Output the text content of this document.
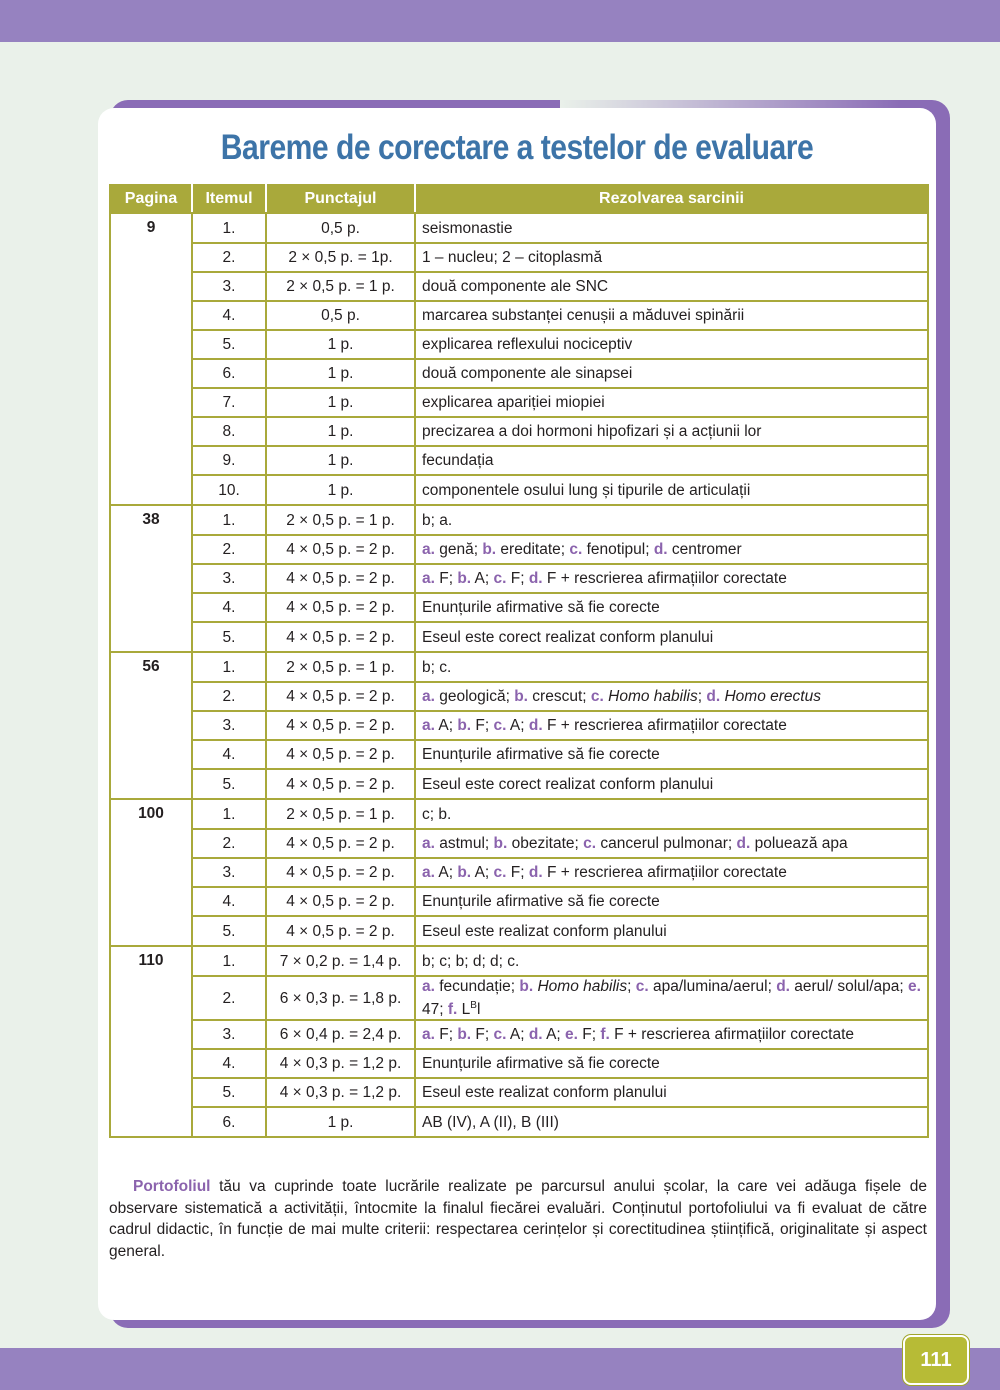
Bareme de corectare a testelor de evaluare
Pagina	Itemul	Punctajul	Rezolvarea sarcinii
9	1.	0,5 p.	seismonastie
	2.	2 × 0,5 p. = 1p.	1 – nucleu; 2 – citoplasmă
	3.	2 × 0,5 p. = 1 p.	două componente ale SNC
	4.	0,5 p.	marcarea substanței cenușii a măduvei spinării
	5.	1 p.	explicarea reflexului nociceptiv
	6.	1 p.	două componente ale sinapsei
	7.	1 p.	explicarea apariției miopiei
	8.	1 p.	precizarea a doi hormoni hipofizari și a acțiunii lor
	9.	1 p.	fecundația
	10.	1 p.	componentele osului lung și tipurile de articulații
38	1.	2 × 0,5 p. = 1 p.	b; a.
	2.	4 × 0,5 p. = 2 p.	a. genă; b. ereditate; c. fenotipul; d. centromer
	3.	4 × 0,5 p. = 2 p.	a. F; b. A; c. F; d. F + rescrierea afirmațiilor corectate
	4.	4 × 0,5 p. = 2 p.	Enunțurile afirmative să fie corecte
	5.	4 × 0,5 p. = 2 p.	Eseul este corect realizat conform planului
56	1.	2 × 0,5 p. = 1 p.	b; c.
	2.	4 × 0,5 p. = 2 p.	a. geologică; b. crescut; c. Homo habilis; d. Homo erectus
	3.	4 × 0,5 p. = 2 p.	a. A; b. F; c. A; d. F + rescrierea afirmațiilor corectate
	4.	4 × 0,5 p. = 2 p.	Enunțurile afirmative să fie corecte
	5.	4 × 0,5 p. = 2 p.	Eseul este corect realizat conform planului
100	1.	2 × 0,5 p. = 1 p.	c; b.
	2.	4 × 0,5 p. = 2 p.	a. astmul; b. obezitate; c. cancerul pulmonar; d. poluează apa
	3.	4 × 0,5 p. = 2 p.	a. A; b. A; c. F; d. F + rescrierea afirmațiilor corectate
	4.	4 × 0,5 p. = 2 p.	Enunțurile afirmative să fie corecte
	5.	4 × 0,5 p. = 2 p.	Eseul este realizat conform planului
110	1.	7 × 0,2 p. = 1,4 p.	b; c; b; d; d; c.
	2.	6 × 0,3 p. = 1,8 p.	a. fecundație; b. Homo habilis; c. apa/lumina/aerul; d. aerul/ solul/apa; e. 47; f. $L^Bl$
	3.	6 × 0,4 p. = 2,4 p.	a. F; b. F; c. A; d. A; e. F; f. F + rescrierea afirmațiilor corectate
	4.	4 × 0,3 p. = 1,2 p.	Enunțurile afirmative să fie corecte
	5.	4 × 0,3 p. = 1,2 p.	Eseul este realizat conform planului
	6.	1 p.	AB (IV), A (II), B (III)

Portofoliul tău va cuprinde toate lucrările realizate pe parcursul anului școlar, la care vei adăuga fișele de observare sistematică a activității, întocmite la finalul fiecărei evaluări. Conținutul portofoliului va fi evaluat de către cadrul didactic, în funcție de mai multe criterii: respectarea cerințelor și corectitudinea științifică, originalitate și aspect general.

111
